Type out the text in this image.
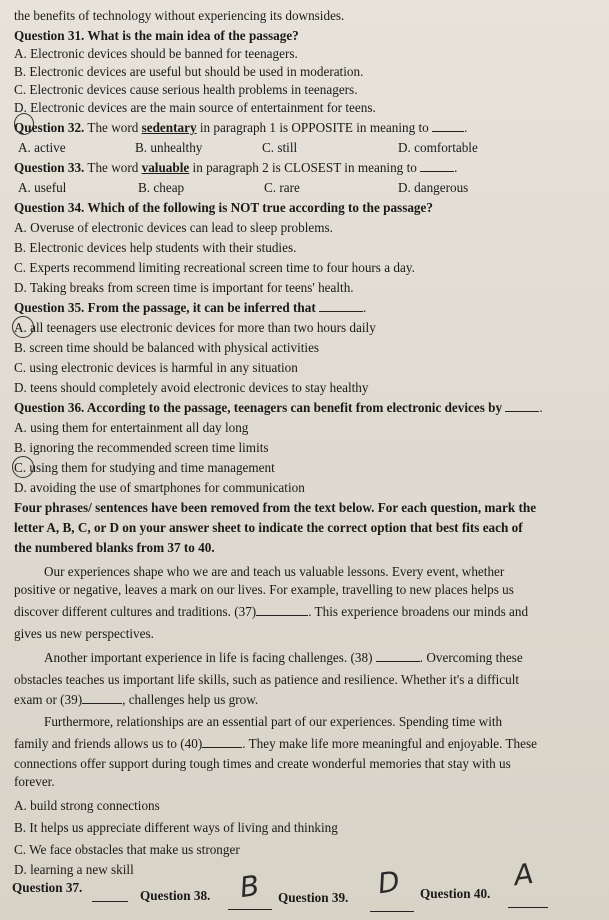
the benefits of technology without experiencing its downsides.
Question 31. What is the main idea of the passage?
A. Electronic devices should be banned for teenagers.
B. Electronic devices are useful but should be used in moderation.
C. Electronic devices cause serious health problems in teenagers.
D. Electronic devices are the main source of entertainment for teens.
Question 32. The word sedentary in paragraph 1 is OPPOSITE in meaning to	.
A. active	B. unhealthy	C. still	D. comfortable
Question 33. The word valuable in paragraph 2 is CLOSEST in meaning to	.
A. useful	B. cheap	C. rare	D. dangerous
Question 34. Which of the following is NOT true according to the passage?
A. Overuse of electronic devices can lead to sleep problems.
B. Electronic devices help students with their studies.
C. Experts recommend limiting recreational screen time to four hours a day.
D. Taking breaks from screen time is important for teens' health.
Question 35. From the passage, it can be inferred that	.
A. all teenagers use electronic devices for more than two hours daily
B. screen time should be balanced with physical activities
C. using electronic devices is harmful in any situation
D. teens should completely avoid electronic devices to stay healthy
Question 36. According to the passage, teenagers can benefit from electronic devices by	.
A. using them for entertainment all day long
B. ignoring the recommended screen time limits
C. using them for studying and time management
D. avoiding the use of smartphones for communication
Four phrases/ sentences have been removed from the text below. For each question, mark the
letter A, B, C, or D on your answer sheet to indicate the correct option that best fits each of
the numbered blanks from 37 to 40.
Our experiences shape who we are and teach us valuable lessons. Every event, whether
positive or negative, leaves a mark on our lives. For example, travelling to new places helps us
discover different cultures and traditions. (37)	. This experience broadens our minds and
gives us new perspectives.
Another important experience in life is facing challenges. (38)	. Overcoming these
obstacles teaches us important life skills, such as patience and resilience. Whether it's a difficult
exam or (39)	, challenges help us grow.
Furthermore, relationships are an essential part of our experiences. Spending time with
family and friends allows us to (40)	. They make life more meaningful and enjoyable. These
connections offer support during tough times and create wonderful memories that stay with us
forever.
A. build strong connections
B. It helps us appreciate different ways of living and thinking
C. We face obstacles that make us stronger
D. learning a new skill
Question 37.
Question 38. B Question 39. D Question 40.
A
